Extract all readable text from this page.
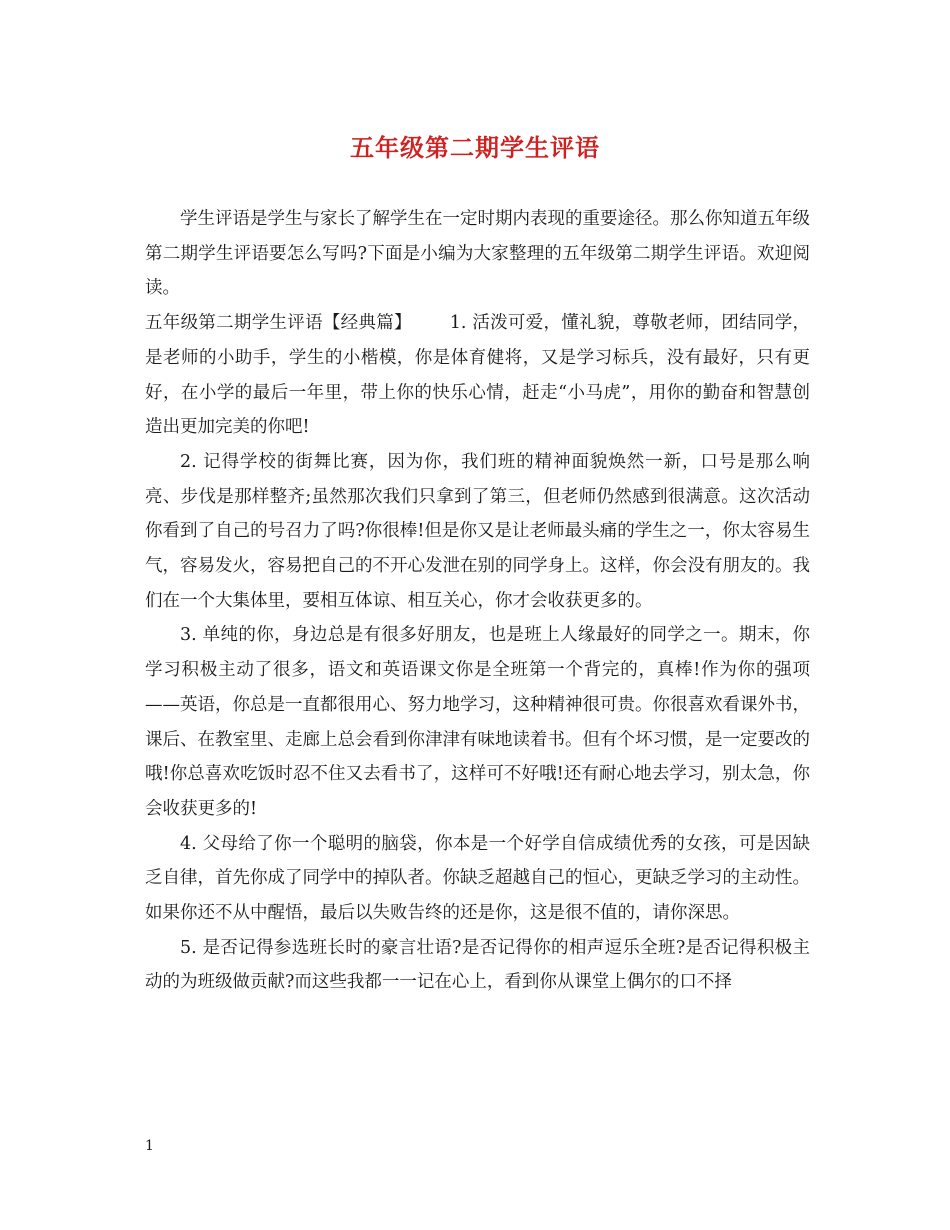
五年级第二期学生评语

学生评语是学生与家长了解学生在一定时期内表现的重要途径。那么你知道五年级第二期学生评语要怎么写吗?下面是小编为大家整理的五年级第二期学生评语。欢迎阅读。

五年级第二期学生评语【经典篇】 1. 活泼可爱，懂礼貌，尊敬老师，团结同学，是老师的小助手，学生的小楷模，你是体育健将，又是学习标兵，没有最好，只有更好，在小学的最后一年里，带上你的快乐心情，赶走“小马虎”，用你的勤奋和智慧创造出更加完美的你吧!

2. 记得学校的街舞比赛，因为你，我们班的精神面貌焕然一新，口号是那么响亮、步伐是那样整齐;虽然那次我们只拿到了第三，但老师仍然感到很满意。这次活动你看到了自己的号召力了吗?你很棒!但是你又是让老师最头痛的学生之一，你太容易生气，容易发火，容易把自己的不开心发泄在别的同学身上。这样，你会没有朋友的。我们在一个大集体里，要相互体谅、相互关心，你才会收获更多的。

3. 单纯的你，身边总是有很多好朋友，也是班上人缘最好的同学之一。期末，你学习积极主动了很多，语文和英语课文你是全班第一个背完的，真棒!作为你的强项——英语，你总是一直都很用心、努力地学习，这种精神很可贵。你很喜欢看课外书，课后、在教室里、走廊上总会看到你津津有味地读着书。但有个坏习惯，是一定要改的哦!你总喜欢吃饭时忍不住又去看书了，这样可不好哦!还有耐心地去学习，别太急，你会收获更多的!

4. 父母给了你一个聪明的脑袋，你本是一个好学自信成绩优秀的女孩，可是因缺乏自律，首先你成了同学中的掉队者。你缺乏超越自己的恒心，更缺乏学习的主动性。如果你还不从中醒悟，最后以失败告终的还是你，这是很不值的，请你深思。

5. 是否记得参选班长时的豪言壮语?是否记得你的相声逗乐全班?是否记得积极主动的为班级做贡献?而这些我都一一记在心上，看到你从课堂上偶尔的口不择

1
